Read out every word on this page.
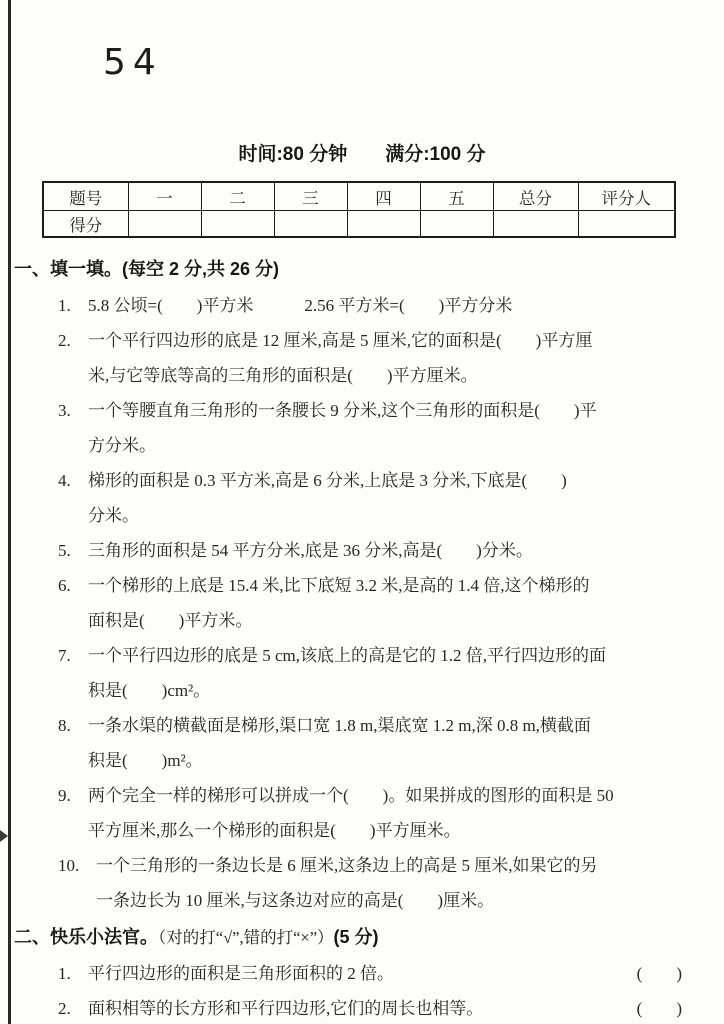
54
时间:80 分钟　　满分:100 分
题号	一	二	三	四	五	总分	评分人
得分							
一、填一填。(每空 2 分,共 26 分)
1. 5.8 公顷=(　　)平方米　　　2.56 平方米=(　　)平方分米
2. 一个平行四边形的底是 12 厘米,高是 5 厘米,它的面积是(　　)平方厘
米,与它等底等高的三角形的面积是(　　)平方厘米。
3. 一个等腰直角三角形的一条腰长 9 分米,这个三角形的面积是(　　)平
方分米。
4. 梯形的面积是 0.3 平方米,高是 6 分米,上底是 3 分米,下底是(　　)
分米。
5. 三角形的面积是 54 平方分米,底是 36 分米,高是(　　)分米。
6. 一个梯形的上底是 15.4 米,比下底短 3.2 米,是高的 1.4 倍,这个梯形的
面积是(　　)平方米。
7. 一个平行四边形的底是 5 cm,该底上的高是它的 1.2 倍,平行四边形的面
积是(　　)cm²。
8. 一条水渠的横截面是梯形,渠口宽 1.8 m,渠底宽 1.2 m,深 0.8 m,横截面
积是(　　)m²。
9. 两个完全一样的梯形可以拼成一个(　　)。如果拼成的图形的面积是 50
平方厘米,那么一个梯形的面积是(　　)平方厘米。
10. 一个三角形的一条边长是 6 厘米,这条边上的高是 5 厘米,如果它的另
一条边长为 10 厘米,与这条边对应的高是(　　)厘米。
二、快乐小法官。（对的打“√”,错的打“×”）(5 分)
1.	平行四边形的面积是三角形面积的 2 倍。	(　　)
2.	面积相等的长方形和平行四边形,它们的周长也相等。	(　　)
